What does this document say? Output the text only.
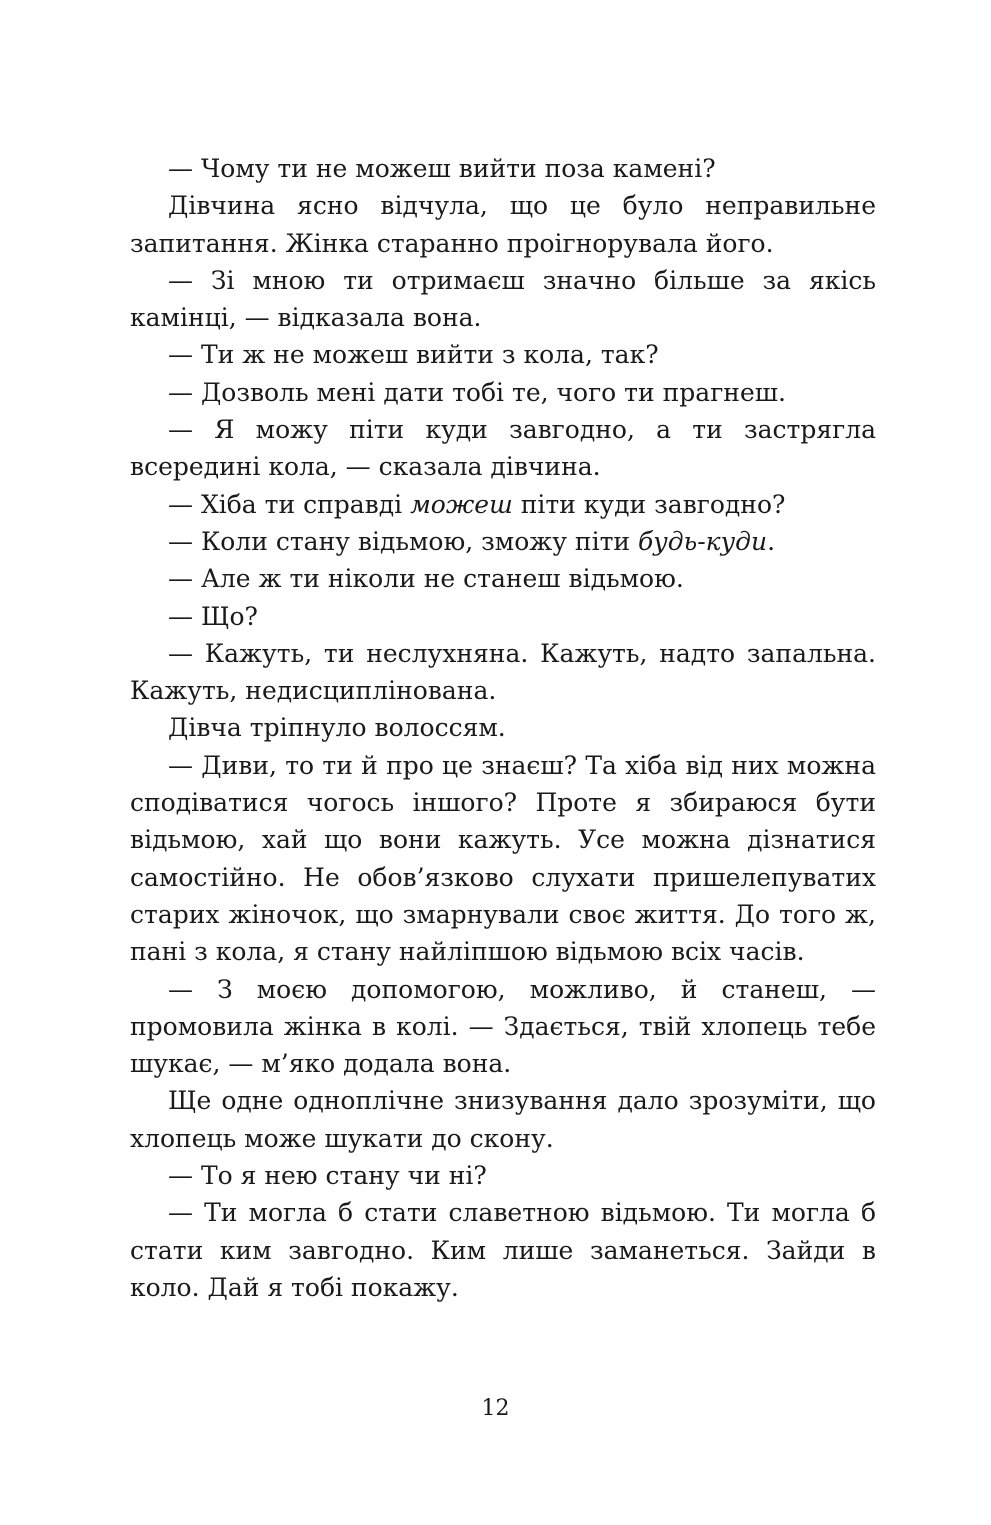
— Чому ти не можеш вийти поза камені?

Дівчина ясно відчула, що це було неправильне запитання. Жінка старанно проігнорувала його.

— Зі мною ти отримаєш значно більше за якісь камінці, — відказала вона.

— Ти ж не можеш вийти з кола, так?

— Дозволь мені дати тобі те, чого ти прагнеш.

— Я можу піти куди завгодно, а ти застрягла всередині кола, — сказала дівчина.

— Хіба ти справді можеш піти куди завгодно?

— Коли стану відьмою, зможу піти будь-куди.

— Але ж ти ніколи не станеш відьмою.

— Що?

— Кажуть, ти неслухняна. Кажуть, надто запальна. Кажуть, недисциплінована.

Дівча тріпнуло волоссям.

— Диви, то ти й про це знаєш? Та хіба від них можна сподіватися чогось іншого? Проте я збираюся бути відьмою, хай що вони кажуть. Усе можна дізнатися самостійно. Не обов’язково слухати пришелепуватих старих жіночок, що змарнували своє життя. До того ж, пані з кола, я стану найліпшою відьмою всіх часів.

— З моєю допомогою, можливо, й станеш, — промовила жінка в колі. — Здається, твій хлопець тебе шукає, — м’яко додала вона.

Ще одне одноплічне знизування дало зрозуміти, що хлопець може шукати до скону.

— То я нею стану чи ні?

— Ти могла б стати славетною відьмою. Ти могла б стати ким завгодно. Ким лише заманеться. Зайди в коло. Дай я тобі покажу.

12
